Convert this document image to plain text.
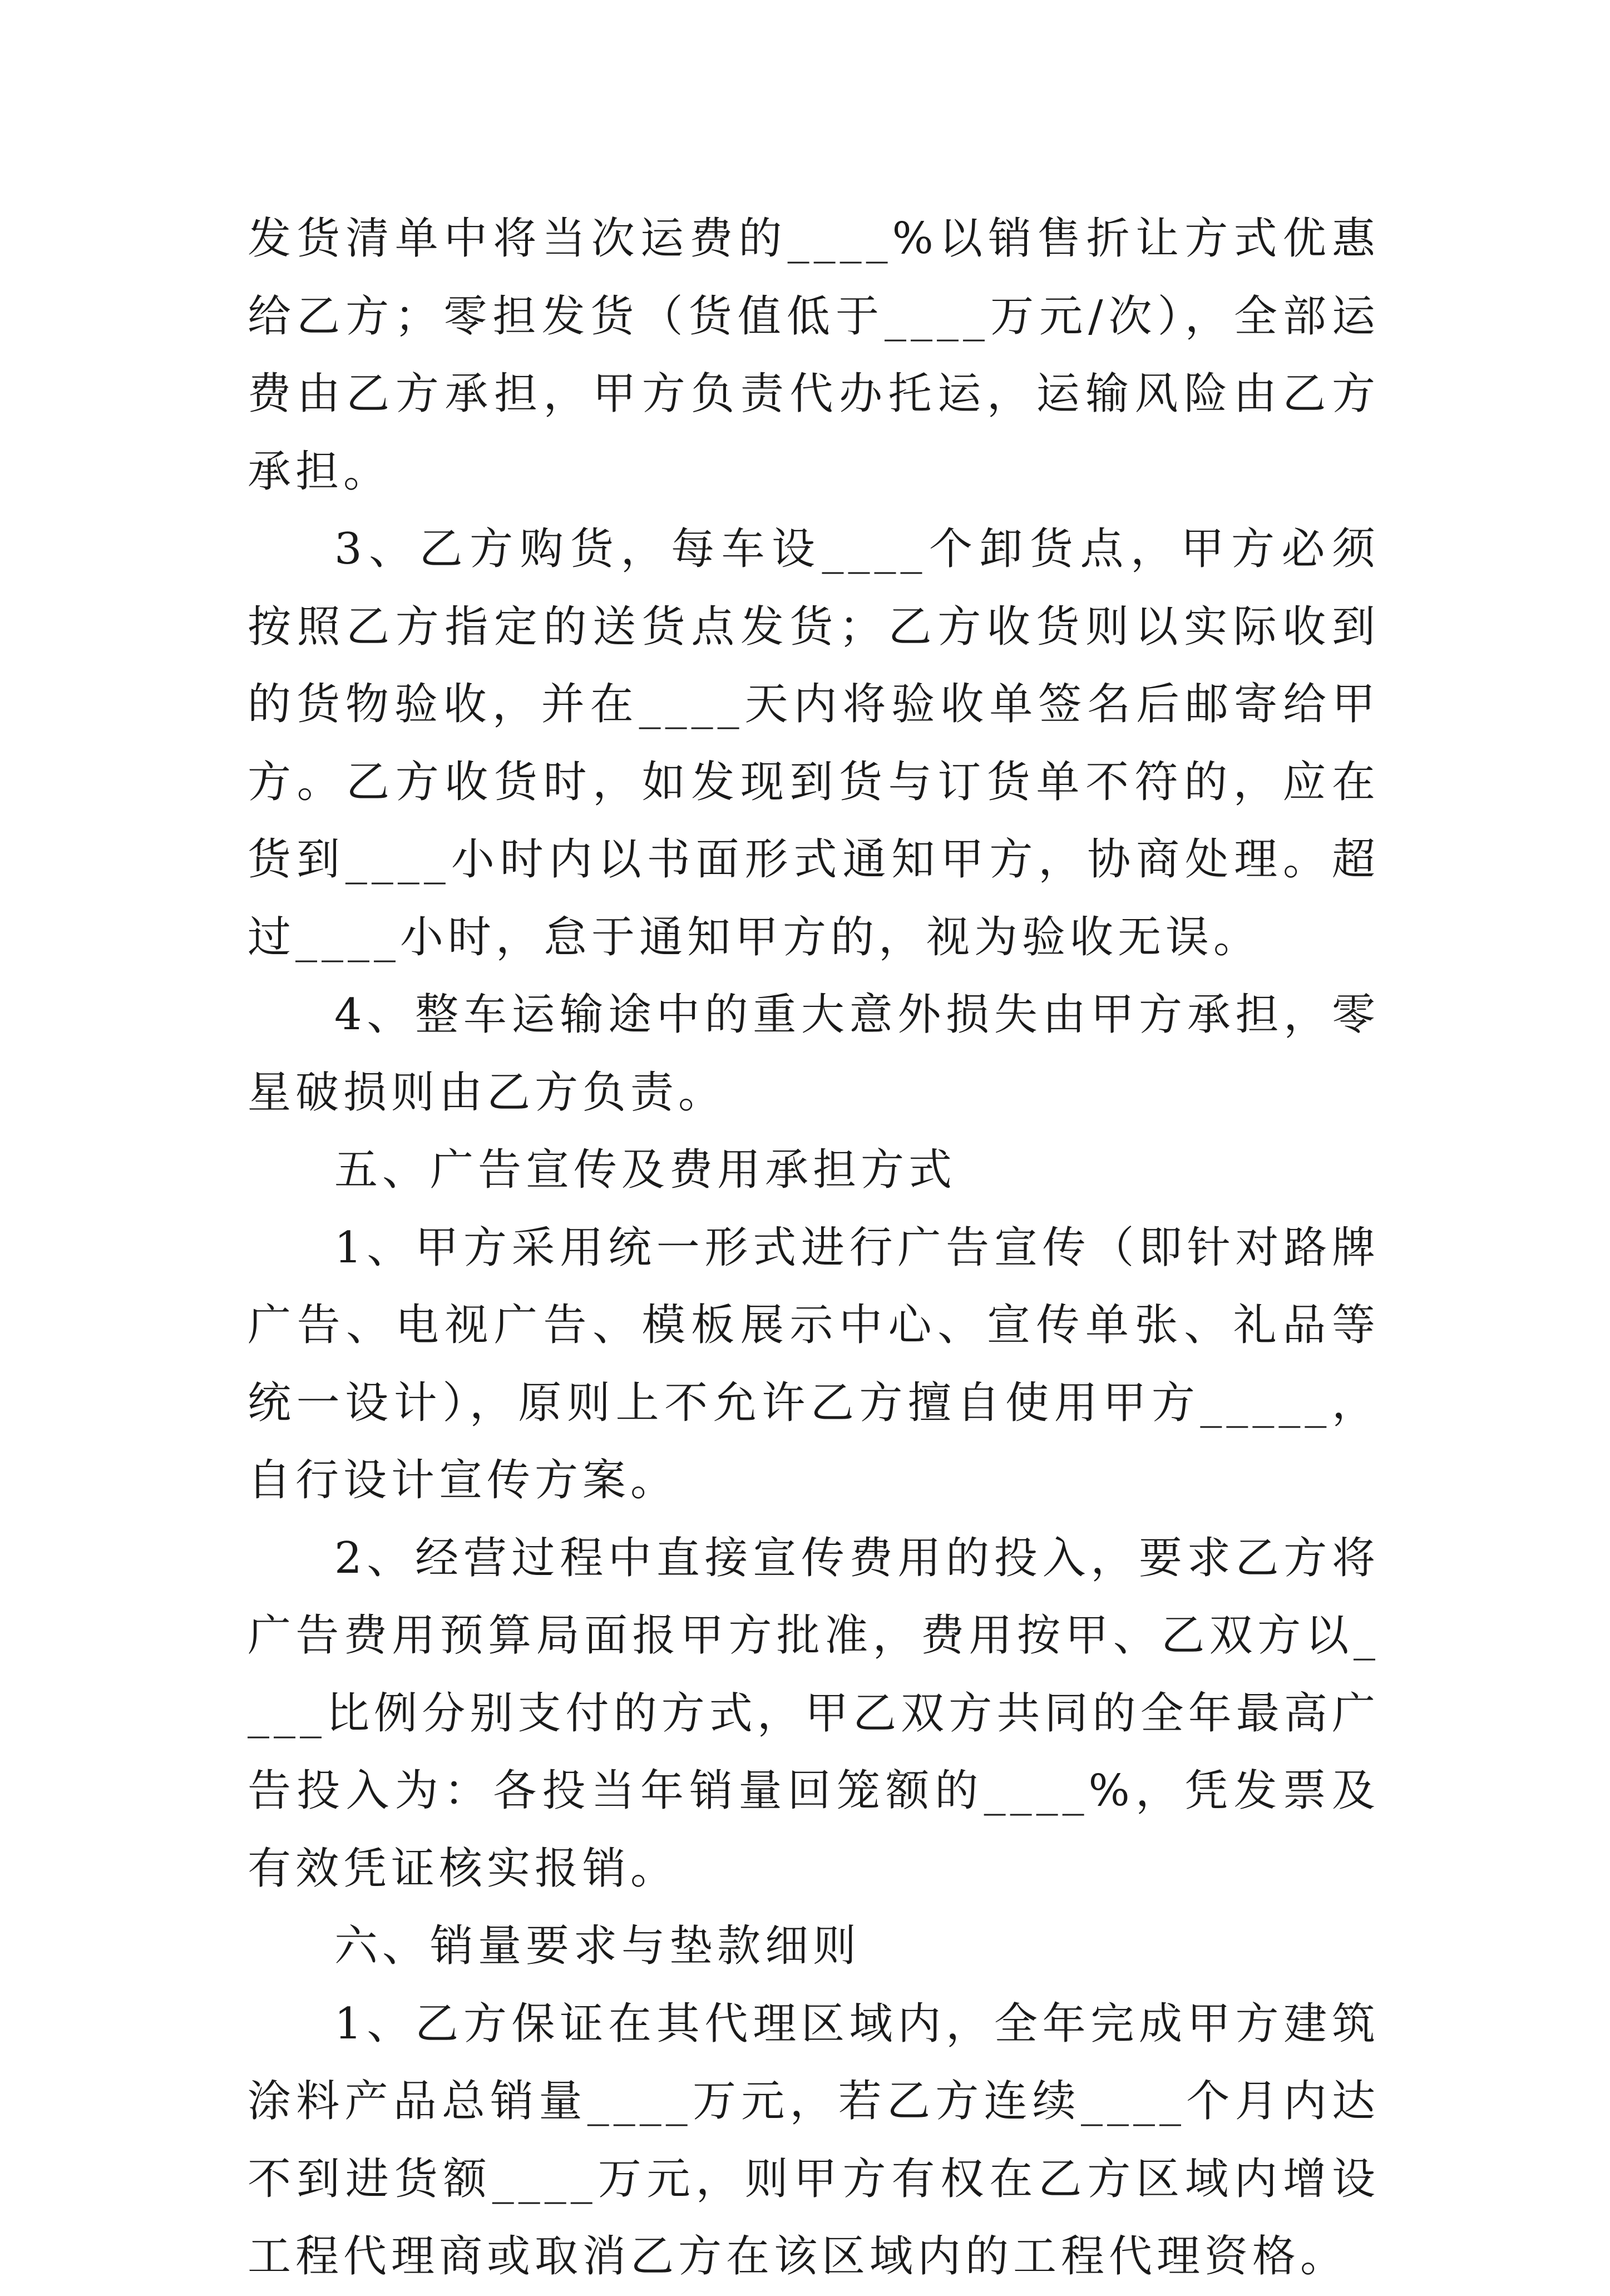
发货清单中将当次运费的____%以销售折让方式优惠给乙方；零担发货（货值低于____万元/次），全部运费由乙方承担，甲方负责代办托运，运输风险由乙方承担。

3、乙方购货，每车设____个卸货点，甲方必须按照乙方指定的送货点发货；乙方收货则以实际收到的货物验收，并在____天内将验收单签名后邮寄给甲方。乙方收货时，如发现到货与订货单不符的，应在货到____小时内以书面形式通知甲方，协商处理。超过____小时，怠于通知甲方的，视为验收无误。

4、整车运输途中的重大意外损失由甲方承担，零星破损则由乙方负责。

五、广告宣传及费用承担方式

1、甲方采用统一形式进行广告宣传（即针对路牌广告、电视广告、模板展示中心、宣传单张、礼品等统一设计），原则上不允许乙方擅自使用甲方_____，自行设计宣传方案。

2、经营过程中直接宣传费用的投入，要求乙方将广告费用预算局面报甲方批准，费用按甲、乙双方以____比例分别支付的方式，甲乙双方共同的全年最高广告投入为：各投当年销量回笼额的____%，凭发票及有效凭证核实报销。

六、销量要求与垫款细则

1、乙方保证在其代理区域内，全年完成甲方建筑涂料产品总销量____万元，若乙方连续____个月内达不到进货额____万元，则甲方有权在乙方区域内增设工程代理商或取消乙方在该区域内的工程代理资格。
